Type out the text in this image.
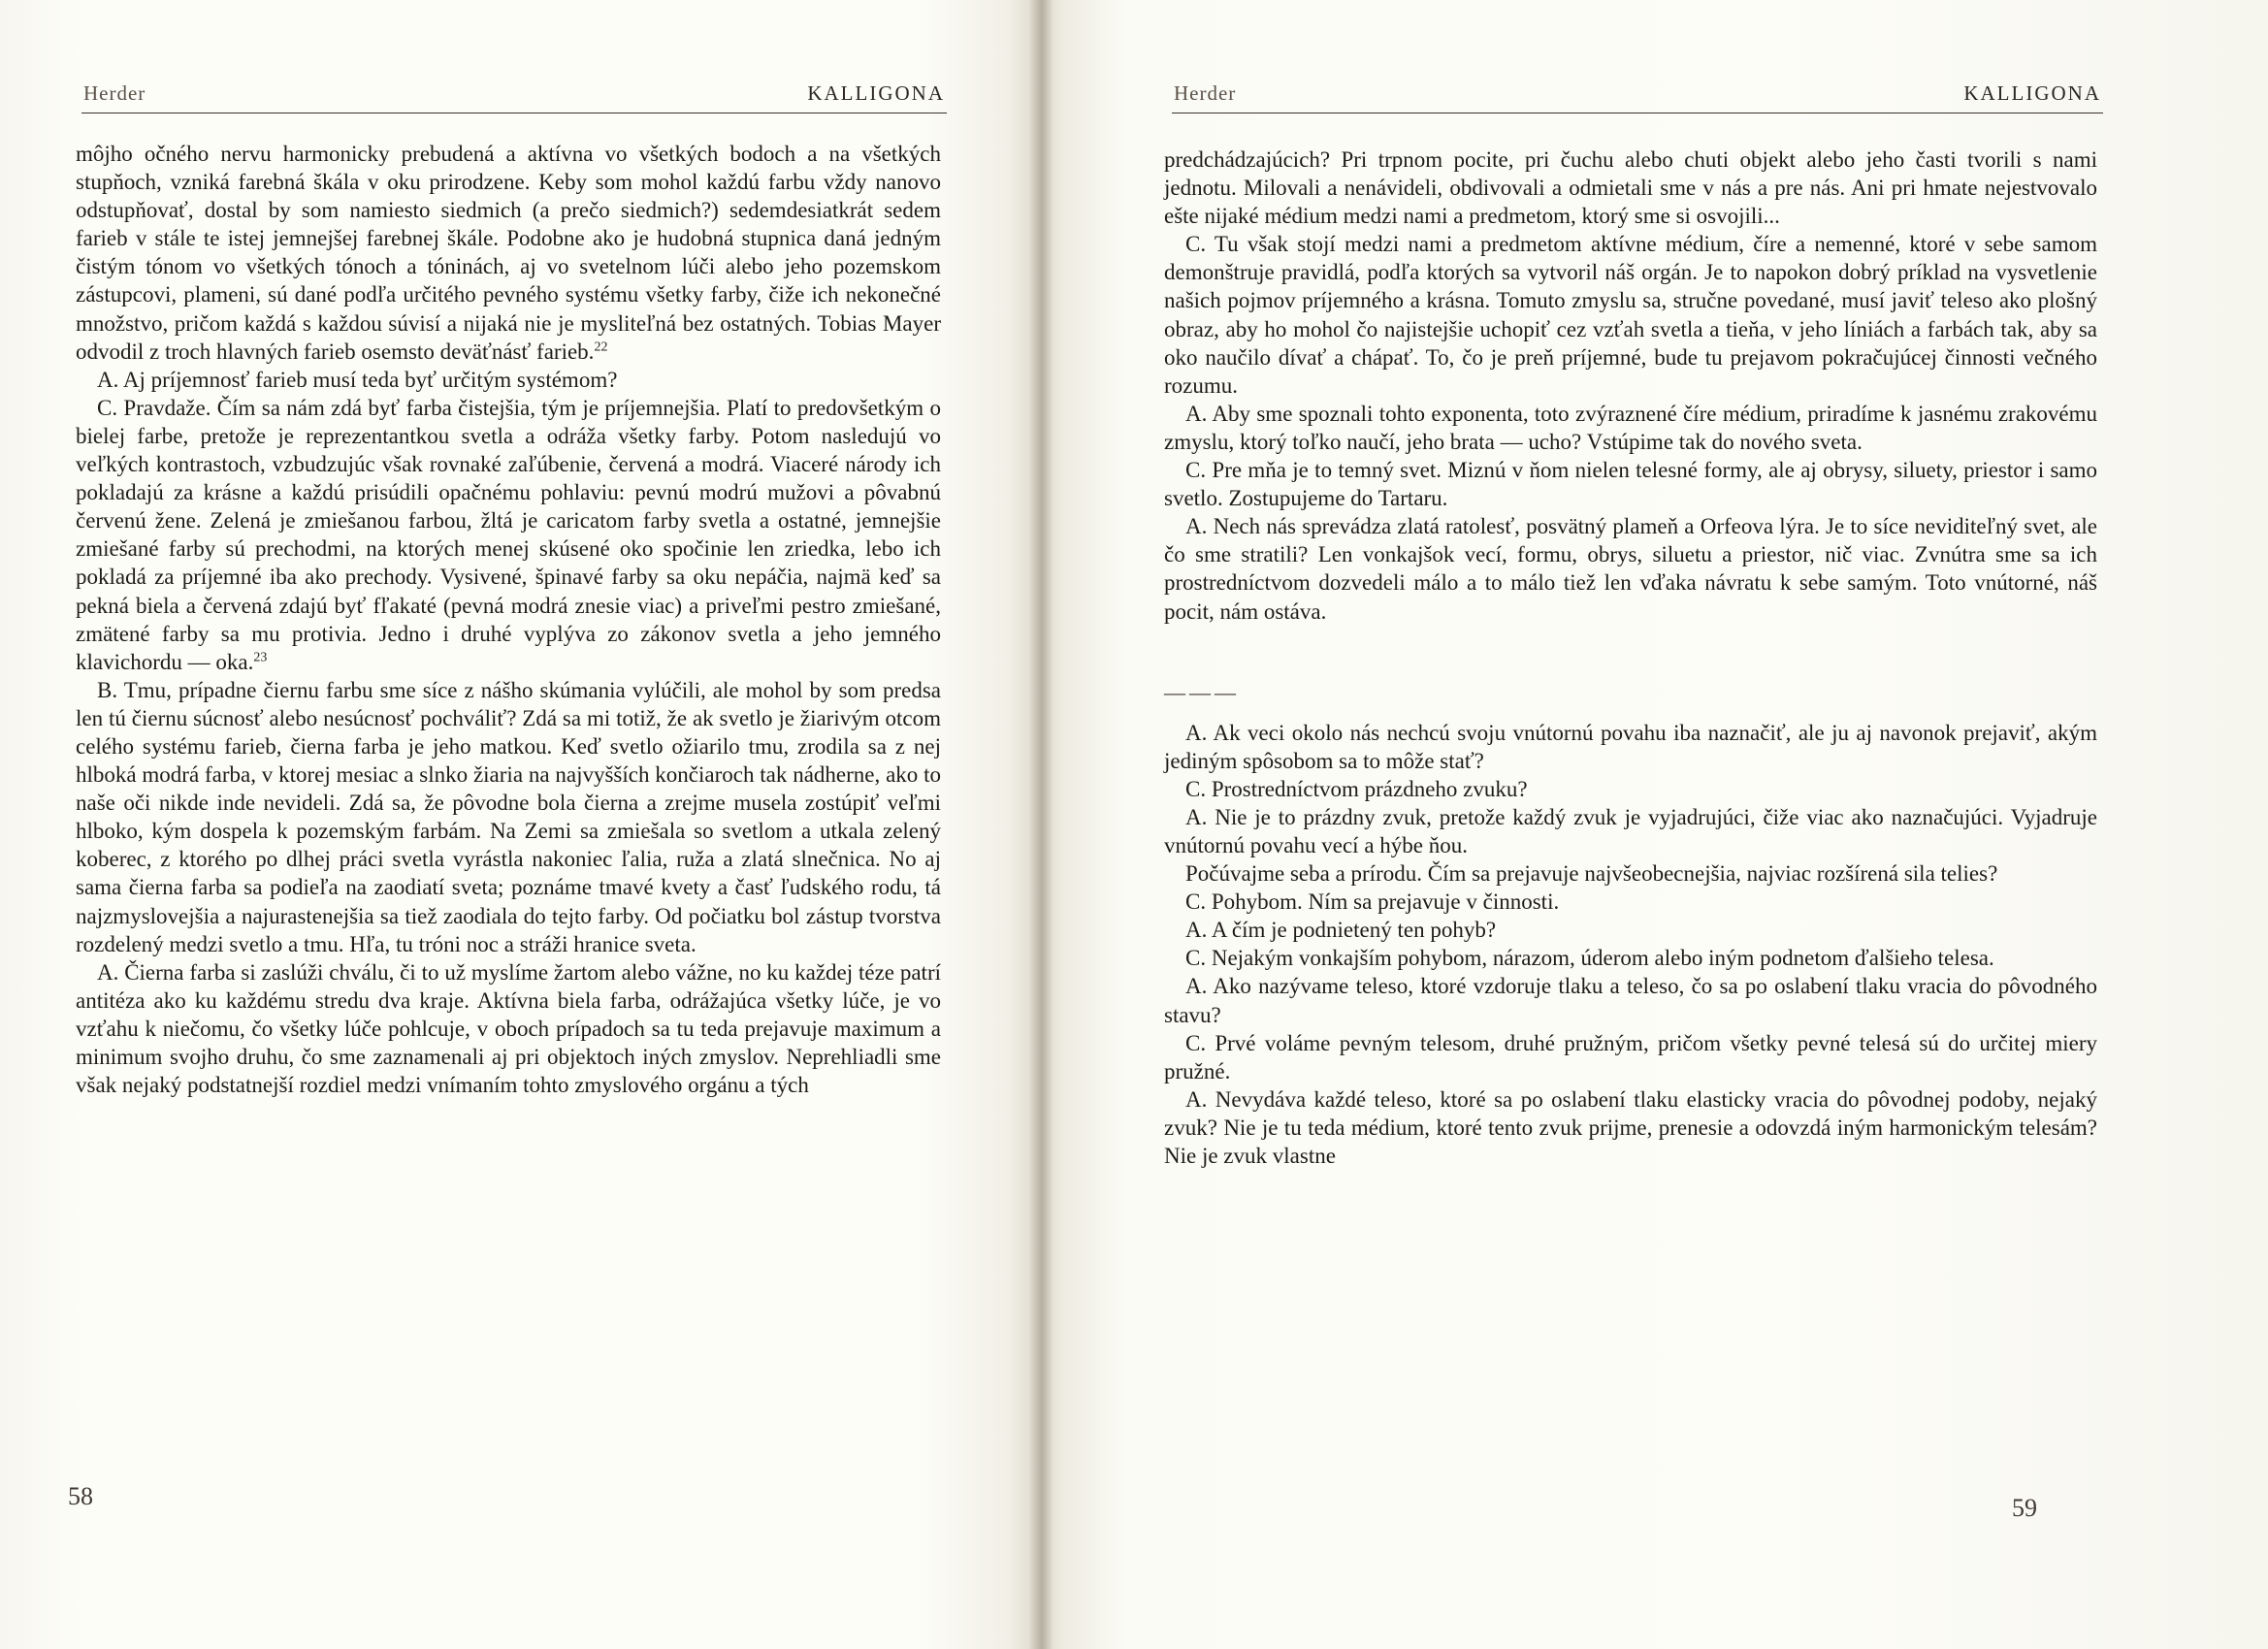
Herder	KALLIGONA

môjho očného nervu harmonicky prebudená a aktívna vo všetkých bodoch a na všetkých stupňoch, vzniká farebná škála v oku prirodzene. Keby som mohol každú farbu vždy nanovo odstupňovať, dostal by som namiesto siedmich (a prečo siedmich?) sedemdesiatkrát sedem farieb v stále te istej jemnejšej farebnej škále. Podobne ako je hudobná stupnica daná jedným čistým tónom vo všetkých tónoch a tóninách, aj vo svetelnom lúči alebo jeho pozemskom zástupcovi, plameni, sú dané podľa určitého pevného systému všetky farby, čiže ich nekonečné množstvo, pričom každá s každou súvisí a nijaká nie je mysliteľná bez ostatných. Tobias Mayer odvodil z troch hlavných farieb osemsto deväťnásť farieb.$^{22}$

A. Aj príjemnosť farieb musí teda byť určitým systémom?

C. Pravdaže. Čím sa nám zdá byť farba čistejšia, tým je príjemnejšia. Platí to predovšetkým o bielej farbe, pretože je reprezentantkou svetla a odráža všetky farby. Potom nasledujú vo veľkých kontrastoch, vzbudzujúc však rovnaké zaľúbenie, červená a modrá. Viaceré národy ich pokladajú za krásne a každú prisúdili opačnému pohlaviu: pevnú modrú mužovi a pôvabnú červenú žene. Zelená je zmiešanou farbou, žltá je caricatom farby svetla a ostatné, jemnejšie zmiešané farby sú prechodmi, na ktorých menej skúsené oko spočinie len zriedka, lebo ich pokladá za príjemné iba ako prechody. Vysivené, špinavé farby sa oku nepáčia, najmä keď sa pekná biela a červená zdajú byť fľakaté (pevná modrá znesie viac) a priveľmi pestro zmiešané, zmätené farby sa mu protivia. Jedno i druhé vyplýva zo zákonov svetla a jeho jemného klavichordu — oka.$^{23}$

B. Tmu, prípadne čiernu farbu sme síce z nášho skúmania vylúčili, ale mohol by som predsa len tú čiernu súcnosť alebo nesúcnosť pochváliť? Zdá sa mi totiž, že ak svetlo je žiarivým otcom celého systému farieb, čierna farba je jeho matkou. Keď svetlo ožiarilo tmu, zrodila sa z nej hlboká modrá farba, v ktorej mesiac a slnko žiaria na najvyšších končiaroch tak nádherne, ako to naše oči nikde inde nevideli. Zdá sa, že pôvodne bola čierna a zrejme musela zostúpiť veľmi hlboko, kým dospela k pozemským farbám. Na Zemi sa zmiešala so svetlom a utkala zelený koberec, z ktorého po dlhej práci svetla vyrástla nakoniec ľalia, ruža a zlatá slnečnica. No aj sama čierna farba sa podieľa na zaodiatí sveta; poznáme tmavé kvety a časť ľudského rodu, tá najzmyslovejšia a najurastenejšia sa tiež zaodiala do tejto farby. Od počiatku bol zástup tvorstva rozdelený medzi svetlo a tmu. Hľa, tu tróni noc a stráži hranice sveta.

A. Čierna farba si zaslúži chválu, či to už myslíme žartom alebo vážne, no ku každej téze patrí antitéza ako ku každému stredu dva kraje. Aktívna biela farba, odrážajúca všetky lúče, je vo vzťahu k niečomu, čo všetky lúče pohlcuje, v oboch prípadoch sa tu teda prejavuje maximum a minimum svojho druhu, čo sme zaznamenali aj pri objektoch iných zmyslov. Neprehliadli sme však nejaký podstatnejší rozdiel medzi vnímaním tohto zmyslového orgánu a tých

58
Herder	KALLIGONA

predchádzajúcich? Pri trpnom pocite, pri čuchu alebo chuti objekt alebo jeho časti tvorili s nami jednotu. Milovali a nenávideli, obdivovali a odmietali sme v nás a pre nás. Ani pri hmate nejestvovalo ešte nijaké médium medzi nami a predmetom, ktorý sme si osvojili...

C. Tu však stojí medzi nami a predmetom aktívne médium, číre a nemenné, ktoré v sebe samom demonštruje pravidlá, podľa ktorých sa vytvoril náš orgán. Je to napokon dobrý príklad na vysvetlenie našich pojmov príjemného a krásna. Tomuto zmyslu sa, stručne povedané, musí javiť teleso ako plošný obraz, aby ho mohol čo najistejšie uchopiť cez vzťah svetla a tieňa, v jeho líniách a farbách tak, aby sa oko naučilo dívať a chápať. To, čo je preň príjemné, bude tu prejavom pokračujúcej činnosti večného rozumu.

A. Aby sme spoznali tohto exponenta, toto zvýraznené číre médium, priradíme k jasnému zrakovému zmyslu, ktorý toľko naučí, jeho brata — ucho? Vstúpime tak do nového sveta.

C. Pre mňa je to temný svet. Miznú v ňom nielen telesné formy, ale aj obrysy, siluety, priestor i samo svetlo. Zostupujeme do Tartaru.

A. Nech nás sprevádza zlatá ratolesť, posvätný plameň a Orfeova lýra. Je to síce neviditeľný svet, ale čo sme stratili? Len vonkajšok vecí, formu, obrys, siluetu a priestor, nič viac. Zvnútra sme sa ich prostredníctvom dozvedeli málo a to málo tiež len vďaka návratu k sebe samým. Toto vnútorné, náš pocit, nám ostáva.

———

A. Ak veci okolo nás nechcú svoju vnútornú povahu iba naznačiť, ale ju aj navonok prejaviť, akým jediným spôsobom sa to môže stať?

C. Prostredníctvom prázdneho zvuku?

A. Nie je to prázdny zvuk, pretože každý zvuk je vyjadrujúci, čiže viac ako naznačujúci. Vyjadruje vnútornú povahu vecí a hýbe ňou.

Počúvajme seba a prírodu. Čím sa prejavuje najvšeobecnejšia, najviac rozšírená sila telies?

C. Pohybom. Ním sa prejavuje v činnosti.

A. A čím je podnietený ten pohyb?

C. Nejakým vonkajším pohybom, nárazom, úderom alebo iným podnetom ďalšieho telesa.

A. Ako nazývame teleso, ktoré vzdoruje tlaku a teleso, čo sa po oslabení tlaku vracia do pôvodného stavu?

C. Prvé voláme pevným telesom, druhé pružným, pričom všetky pevné telesá sú do určitej miery pružné.

A. Nevydáva každé teleso, ktoré sa po oslabení tlaku elasticky vracia do pôvodnej podoby, nejaký zvuk? Nie je tu teda médium, ktoré tento zvuk prijme, prenesie a odovzdá iným harmonickým telesám? Nie je zvuk vlastne

59
